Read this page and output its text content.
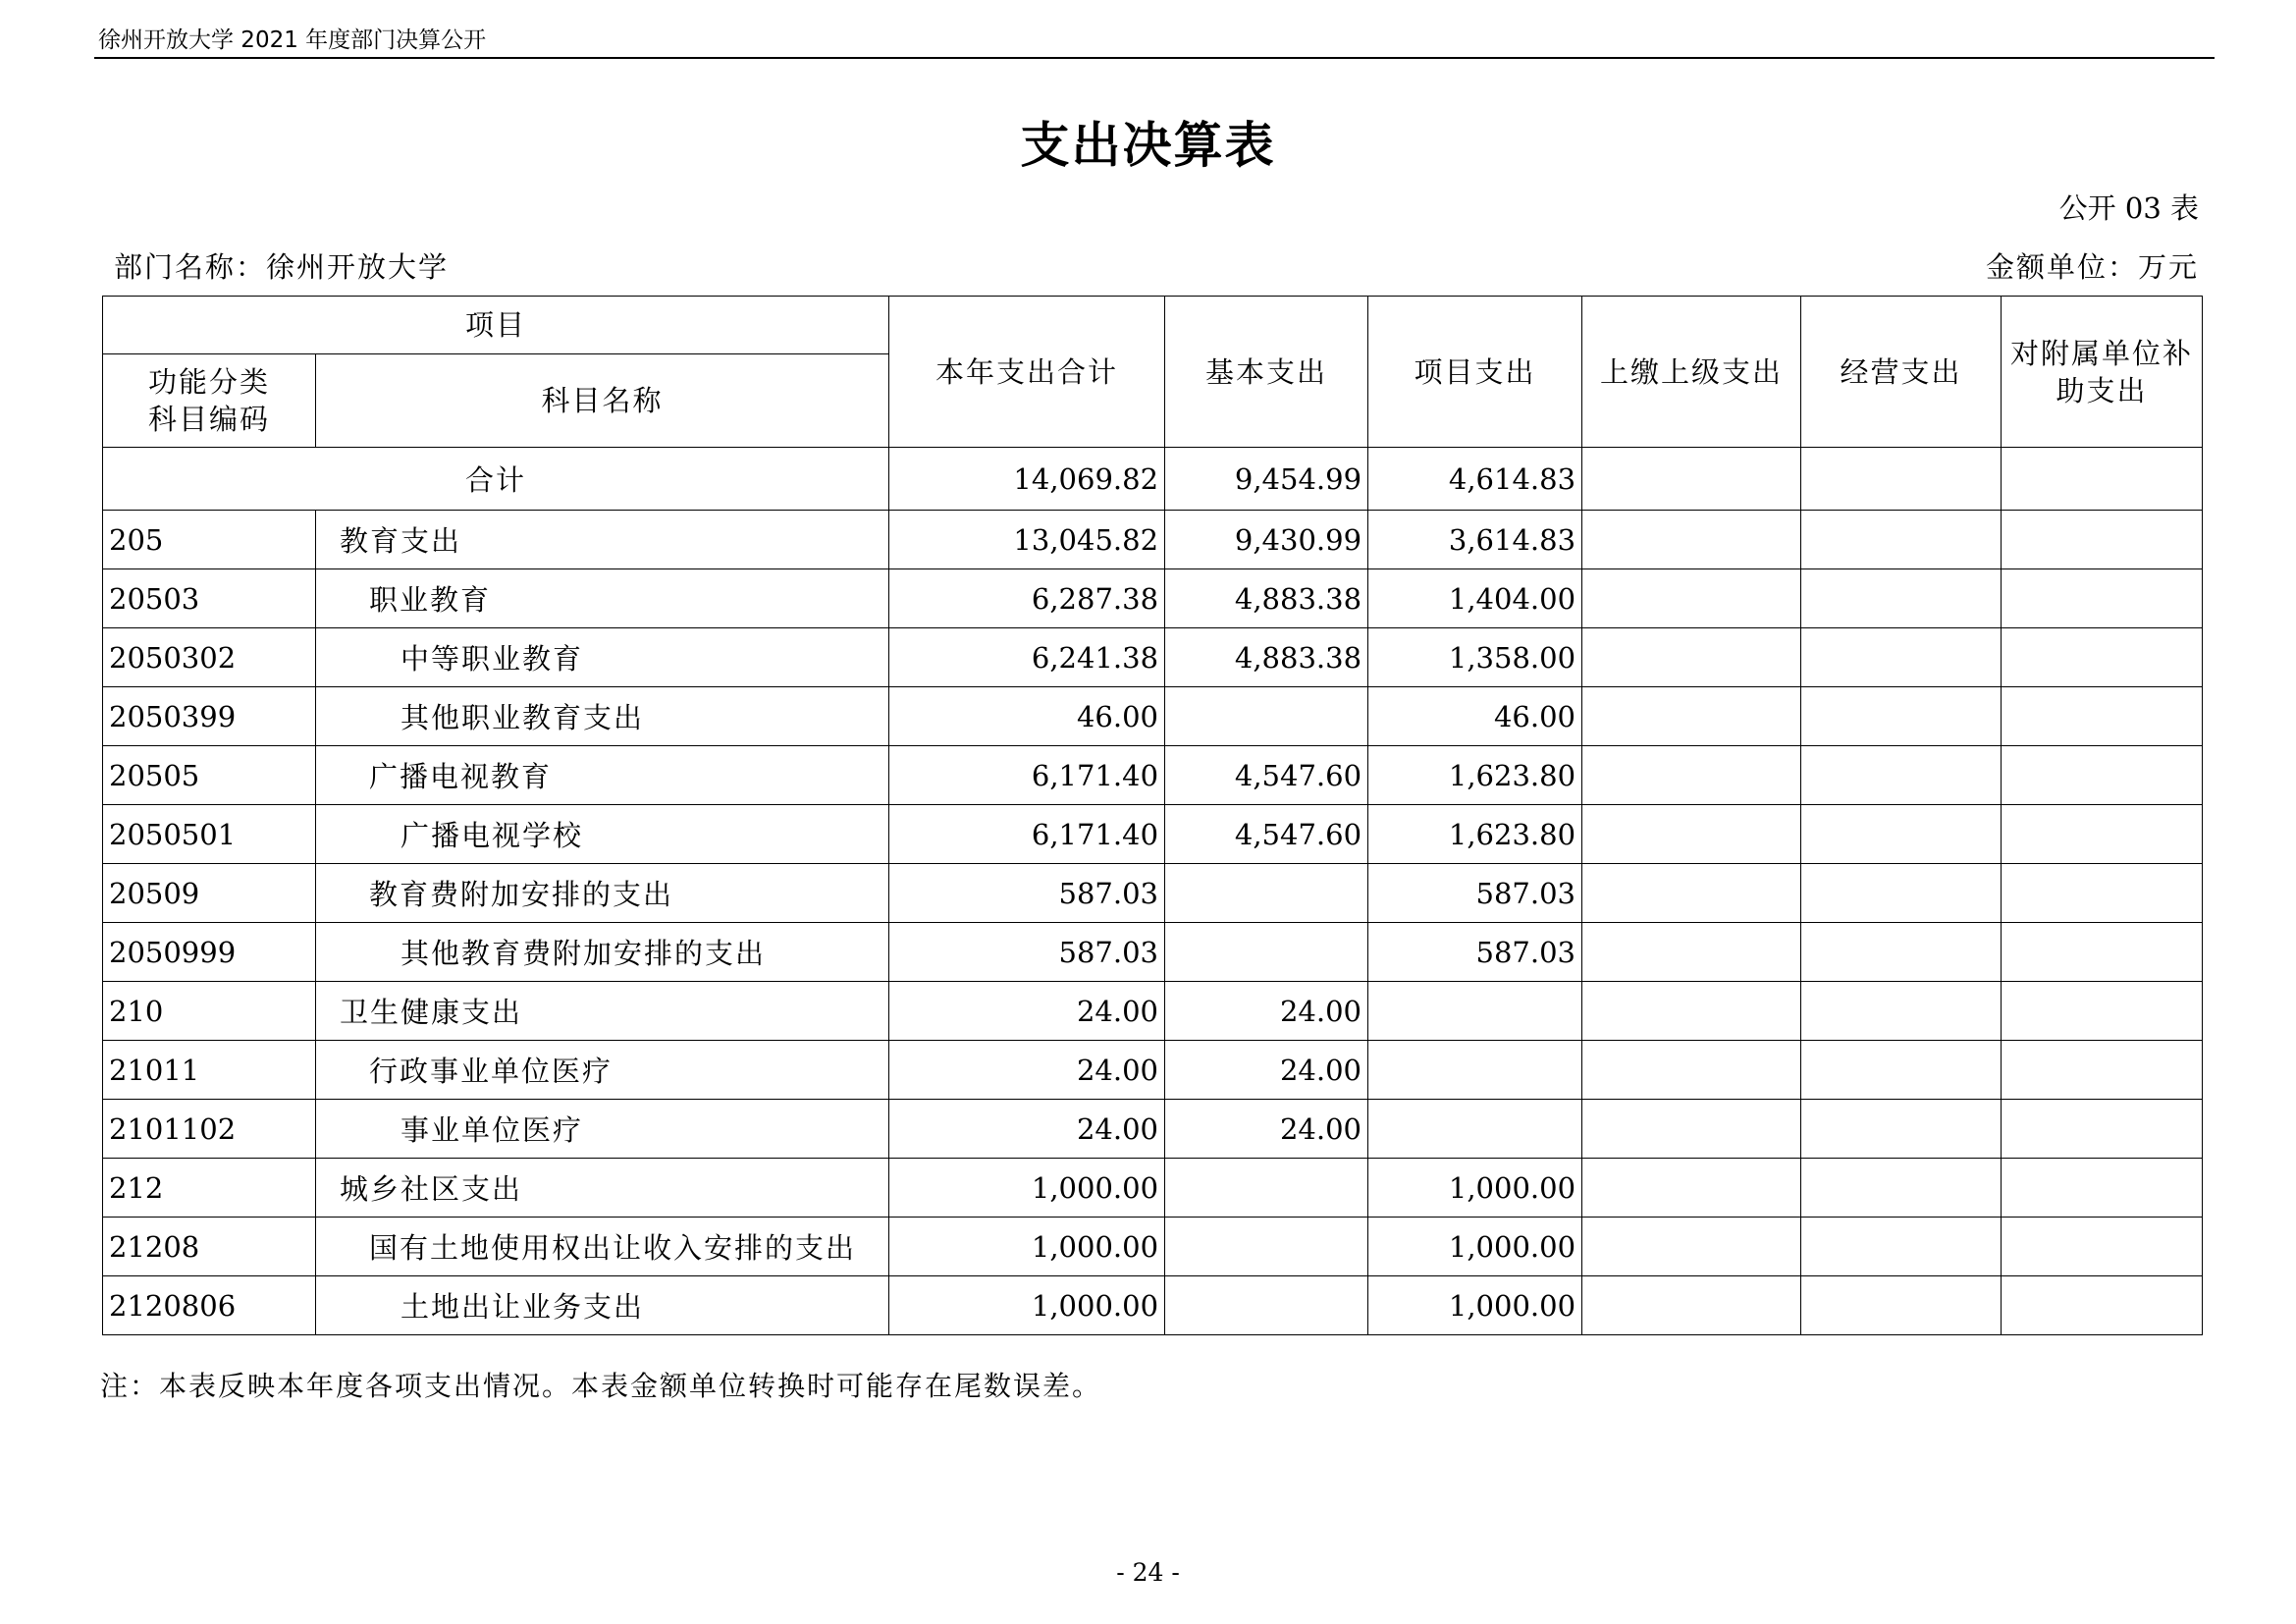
徐州开放大学 2021 年度部门决算公开
支出决算表
公开 03 表
部门名称：徐州开放大学	金额单位：万元
项目		本年支出合计	基本支出	项目支出	上缴上级支出	经营支出	对附属单位补
助支出
功能分类
科目编码	科目名称						
合计		14,069.82	9,454.99	4,614.83			
205	教育支出	13,045.82	9,430.99	3,614.83			
20503	职业教育	6,287.38	4,883.38	1,404.00			
2050302	中等职业教育	6,241.38	4,883.38	1,358.00			
2050399	其他职业教育支出	46.00		46.00			
20505	广播电视教育	6,171.40	4,547.60	1,623.80			
2050501	广播电视学校	6,171.40	4,547.60	1,623.80			
20509	教育费附加安排的支出	587.03		587.03			
2050999	其他教育费附加安排的支出	587.03		587.03			
210	卫生健康支出	24.00	24.00				
21011	行政事业单位医疗	24.00	24.00				
2101102	事业单位医疗	24.00	24.00				
212	城乡社区支出	1,000.00		1,000.00			
21208	国有土地使用权出让收入安排的支出	1,000.00		1,000.00			
2120806	土地出让业务支出	1,000.00		1,000.00			
注：本表反映本年度各项支出情况。本表金额单位转换时可能存在尾数误差。
- 24 -
